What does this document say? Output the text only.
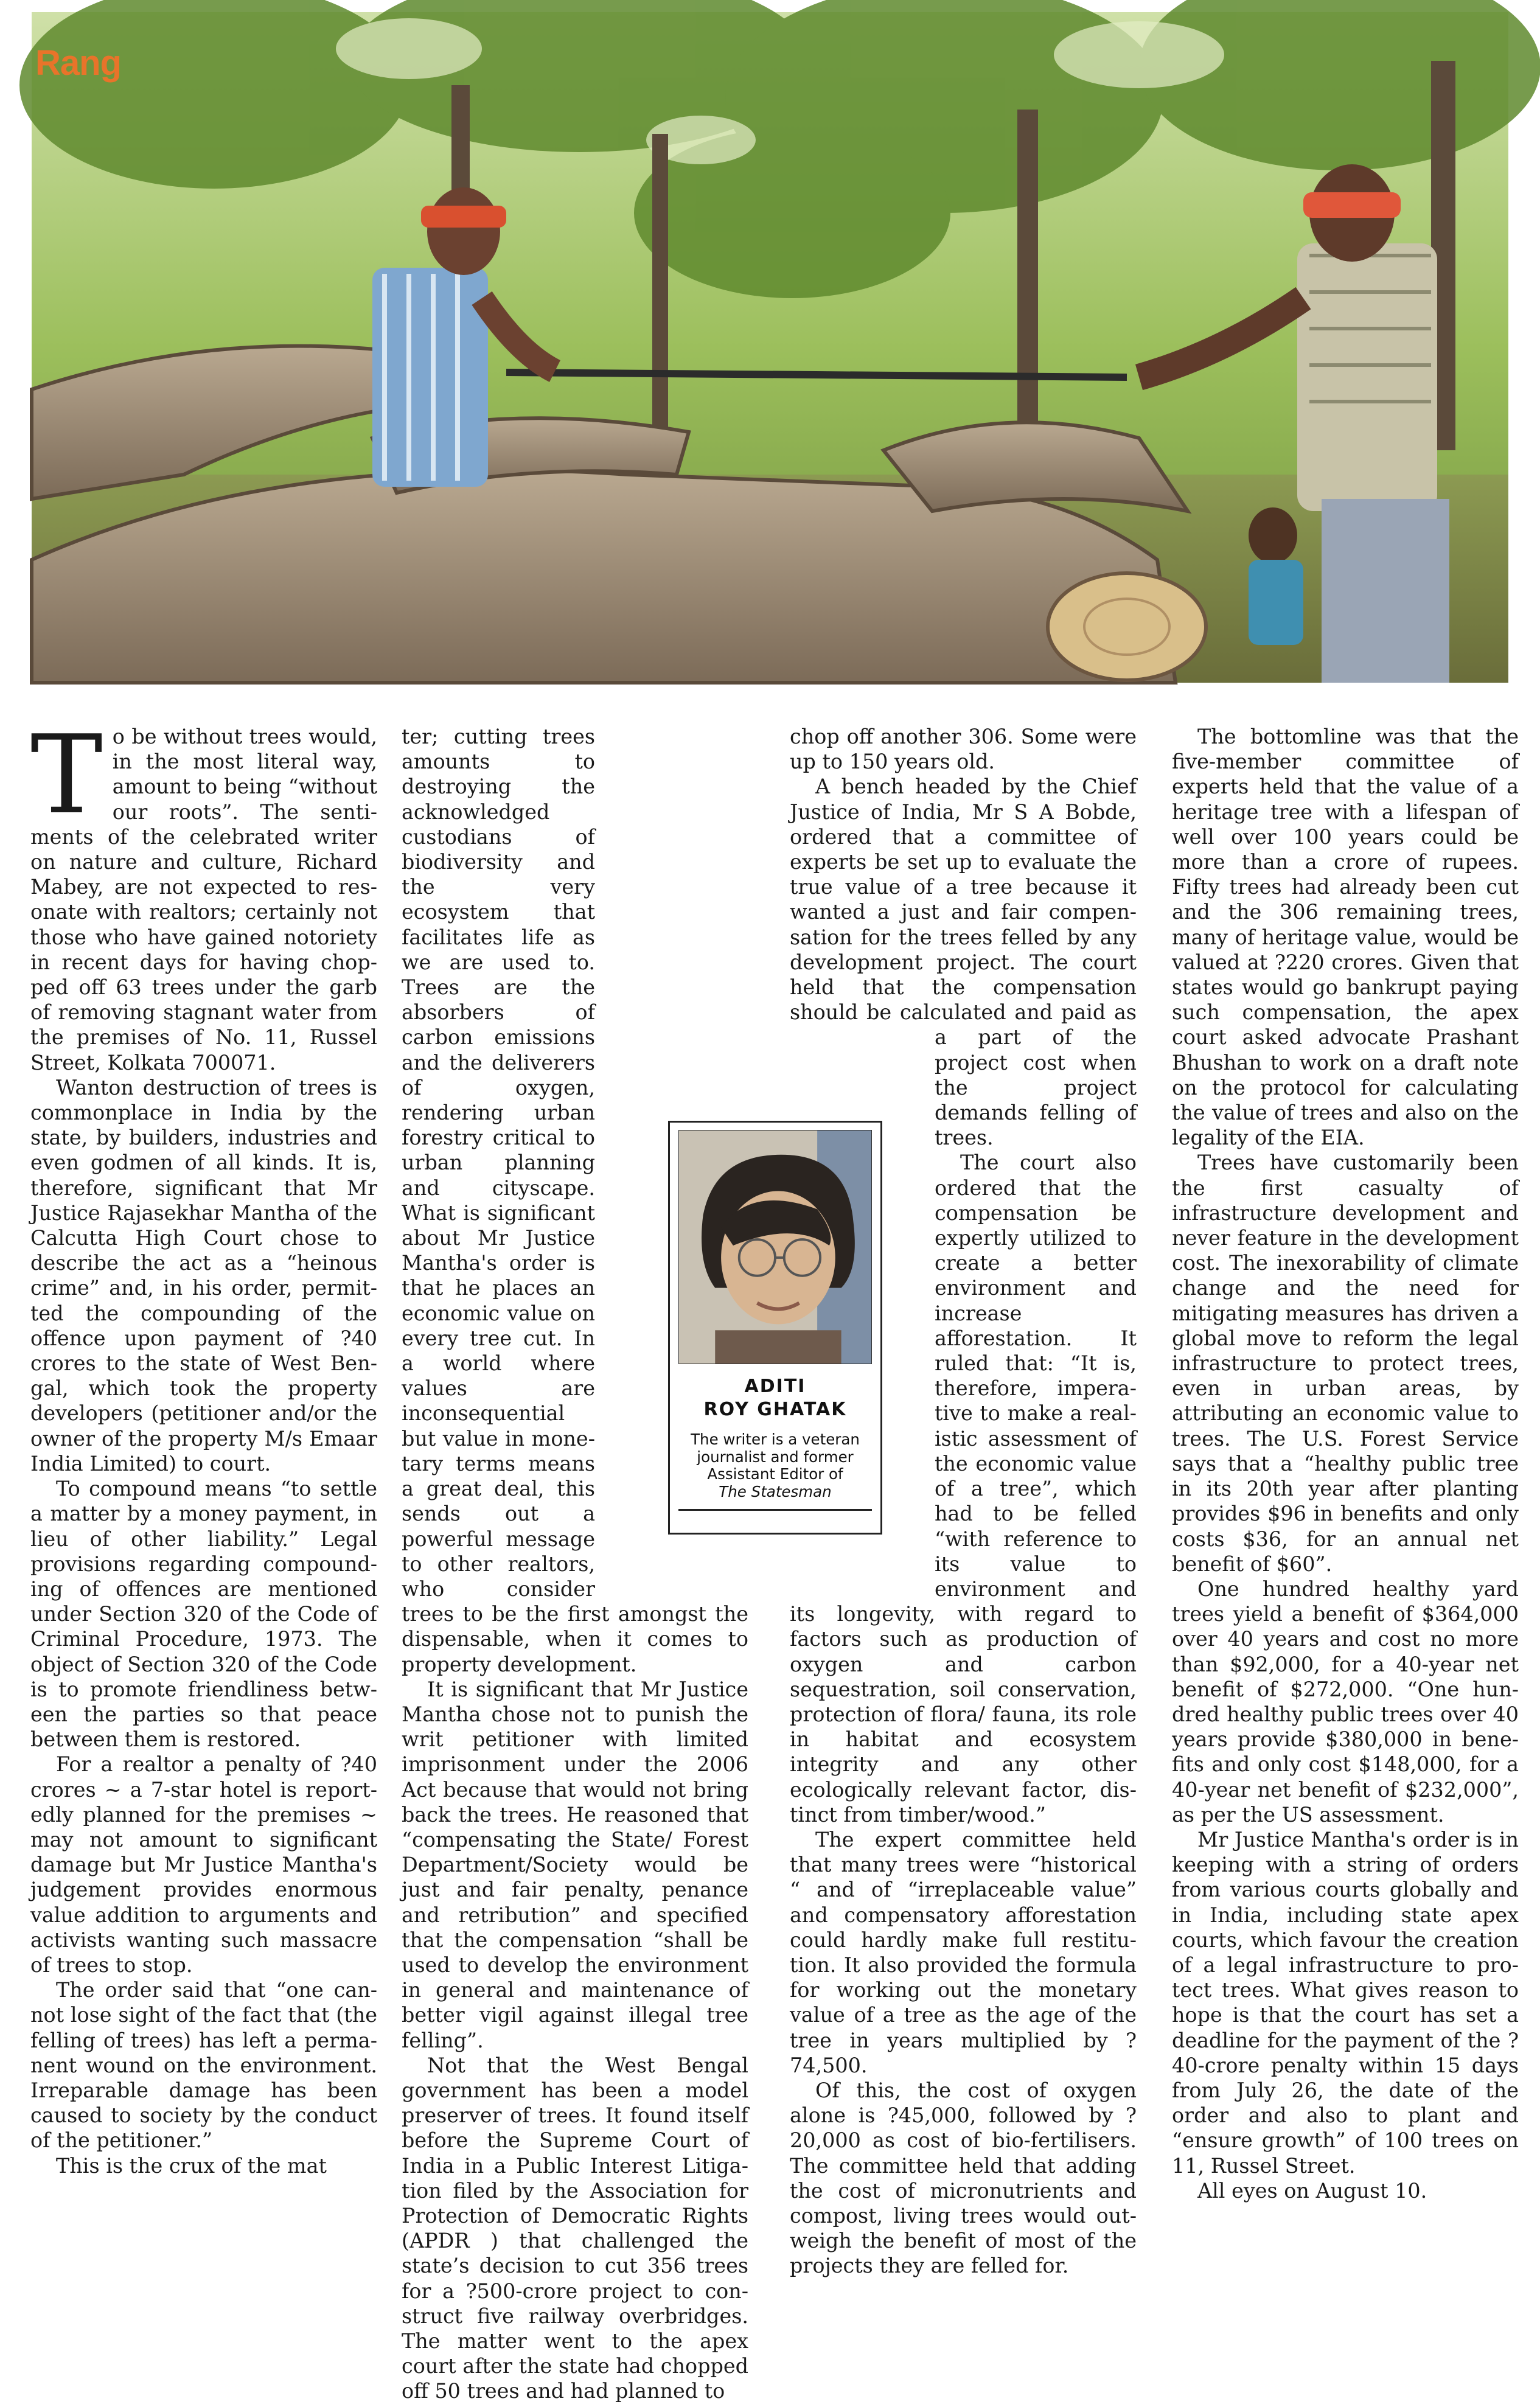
Rang

To be without trees would, in the most literal way, amount to being “without our roots”. The sentiments of the celebrated writer on nature and culture, Richard Mabey, are not expected to resonate with realtors; certainly not those who have gained notoriety in recent days for having chopped off 63 trees under the garb of removing stagnant water from the premises of No. 11, Russel Street, Kolkata 700071.

Wanton destruction of trees is commonplace in India by the state, by builders, industries and even godmen of all kinds. It is, therefore, significant that Mr Justice Rajasekhar Mantha of the Calcutta High Court chose to describe the act as a “heinous crime” and, in his order, permitted the compounding of the offence upon payment of ?40 crores to the state of West Bengal, which took the property developers (petitioner and/or the owner of the property M/s Emaar India Limited) to court.

To compound means “to settle a matter by a money payment, in lieu of other liability.” Legal provisions regarding compounding of offences are mentioned under Section 320 of the Code of Criminal Procedure, 1973. The object of Section 320 of the Code is to promote friendliness between the parties so that peace between them is restored.

For a realtor a penalty of ?40 crores ~ a 7-star hotel is reportedly planned for the premises ~ may not amount to significant damage but Mr Justice Mantha's judgement provides enormous value addition to arguments and activists wanting such massacre of trees to stop.

The order said that “one cannot lose sight of the fact that (the felling of trees) has left a permanent wound on the environment. Irreparable damage has been caused to society by the conduct of the petitioner.”

This is the crux of the mat

ter; cutting trees amounts to destroying the acknowledged custodians of biodiversity and the very ecosystem that facilitates life as we are used to. Trees are the absorbers of carbon emissions and the deliverers of oxygen, rendering urban forestry critical to urban planning and cityscape. What is significant about Mr Justice Mantha's order is that he places an economic value on every tree cut. In a world where values are inconsequential but value in monetary terms means a great deal, this sends out a powerful message to other realtors, who consider trees to be the first amongst the dispensable, when it comes to property development.

It is significant that Mr Justice Mantha chose not to punish the writ petitioner with limited imprisonment under the 2006 Act because that would not bring back the trees. He reasoned that “compensating the State/ Forest Department/Society would be just and fair penalty, penance and retribution” and specified that the compensation “shall be used to develop the environment in general and maintenance of better vigil against illegal tree felling”.

Not that the West Bengal government has been a model preserver of trees. It found itself before the Supreme Court of India in a Public Interest Litigation filed by the Association for Protection of Democratic Rights (APDR ) that challenged the state’s decision to cut 356 trees for a ?500-crore project to construct five railway overbridges. The matter went to the apex court after the state had chopped off 50 trees and had planned to

chop off another 306. Some were up to 150 years old.

A bench headed by the Chief Justice of India, Mr S A Bobde, ordered that a committee of experts be set up to evaluate the true value of a tree because it wanted a just and fair compensation for the trees felled by any development project. The court held that the compensation should be calculated and paid as a part of the project cost when the project demands felling of trees.

The court also ordered that the compensation be expertly utilized to create a better environment and increase afforestation. It ruled that: “It is, therefore, imperative to make a realistic assessment of the economic value of a tree”, which had to be felled “with reference to its value to environment and its longevity, with regard to factors such as production of oxygen and carbon sequestration, soil conservation, protection of flora/ fauna, its role in habitat and ecosystem integrity and any other ecologically relevant factor, distinct from timber/wood.”

The expert committee held that many trees were “historical “ and of “irreplaceable value” and compensatory afforestation could hardly make full restitution. It also provided the formula for working out the monetary value of a tree as the age of the tree in years multiplied by ?74,500.

Of this, the cost of oxygen alone is ?45,000, followed by ?20,000 as cost of bio-fertilisers. The committee held that adding the cost of micronutrients and compost, living trees would outweigh the benefit of most of the projects they are felled for.

The bottomline was that the five-member committee of experts held that the value of a heritage tree with a lifespan of well over 100 years could be more than a crore of rupees. Fifty trees had already been cut and the 306 remaining trees, many of heritage value, would be valued at ?220 crores. Given that states would go bankrupt paying such compensation, the apex court asked advocate Prashant Bhushan to work on a draft note on the protocol for calculating the value of trees and also on the legality of the EIA.

Trees have customarily been the first casualty of infrastructure development and never feature in the development cost. The inexorability of climate change and the need for mitigating measures has driven a global move to reform the legal infrastructure to protect trees, even in urban areas, by attributing an economic value to trees. The U.S. Forest Service says that a “healthy public tree in its 20th year after planting provides $96 in benefits and only costs $36, for an annual net benefit of $60”.

One hundred healthy yard trees yield a benefit of $364,000 over 40 years and cost no more than $92,000, for a 40-year net benefit of $272,000. “One hundred healthy public trees over 40 years provide $380,000 in benefits and only cost $148,000, for a 40-year net benefit of $232,000”, as per the US assessment.

Mr Justice Mantha's order is in keeping with a string of orders from various courts globally and in India, including state apex courts, which favour the creation of a legal infrastructure to protect trees. What gives reason to hope is that the court has set a deadline for the payment of the ?40-crore penalty within 15 days from July 26, the date of the order and also to plant and “ensure growth” of 100 trees on 11, Russel Street.

All eyes on August 10.

ADITI
ROY GHATAK
The writer is a veteran journalist and former Assistant Editor of
The Statesman
